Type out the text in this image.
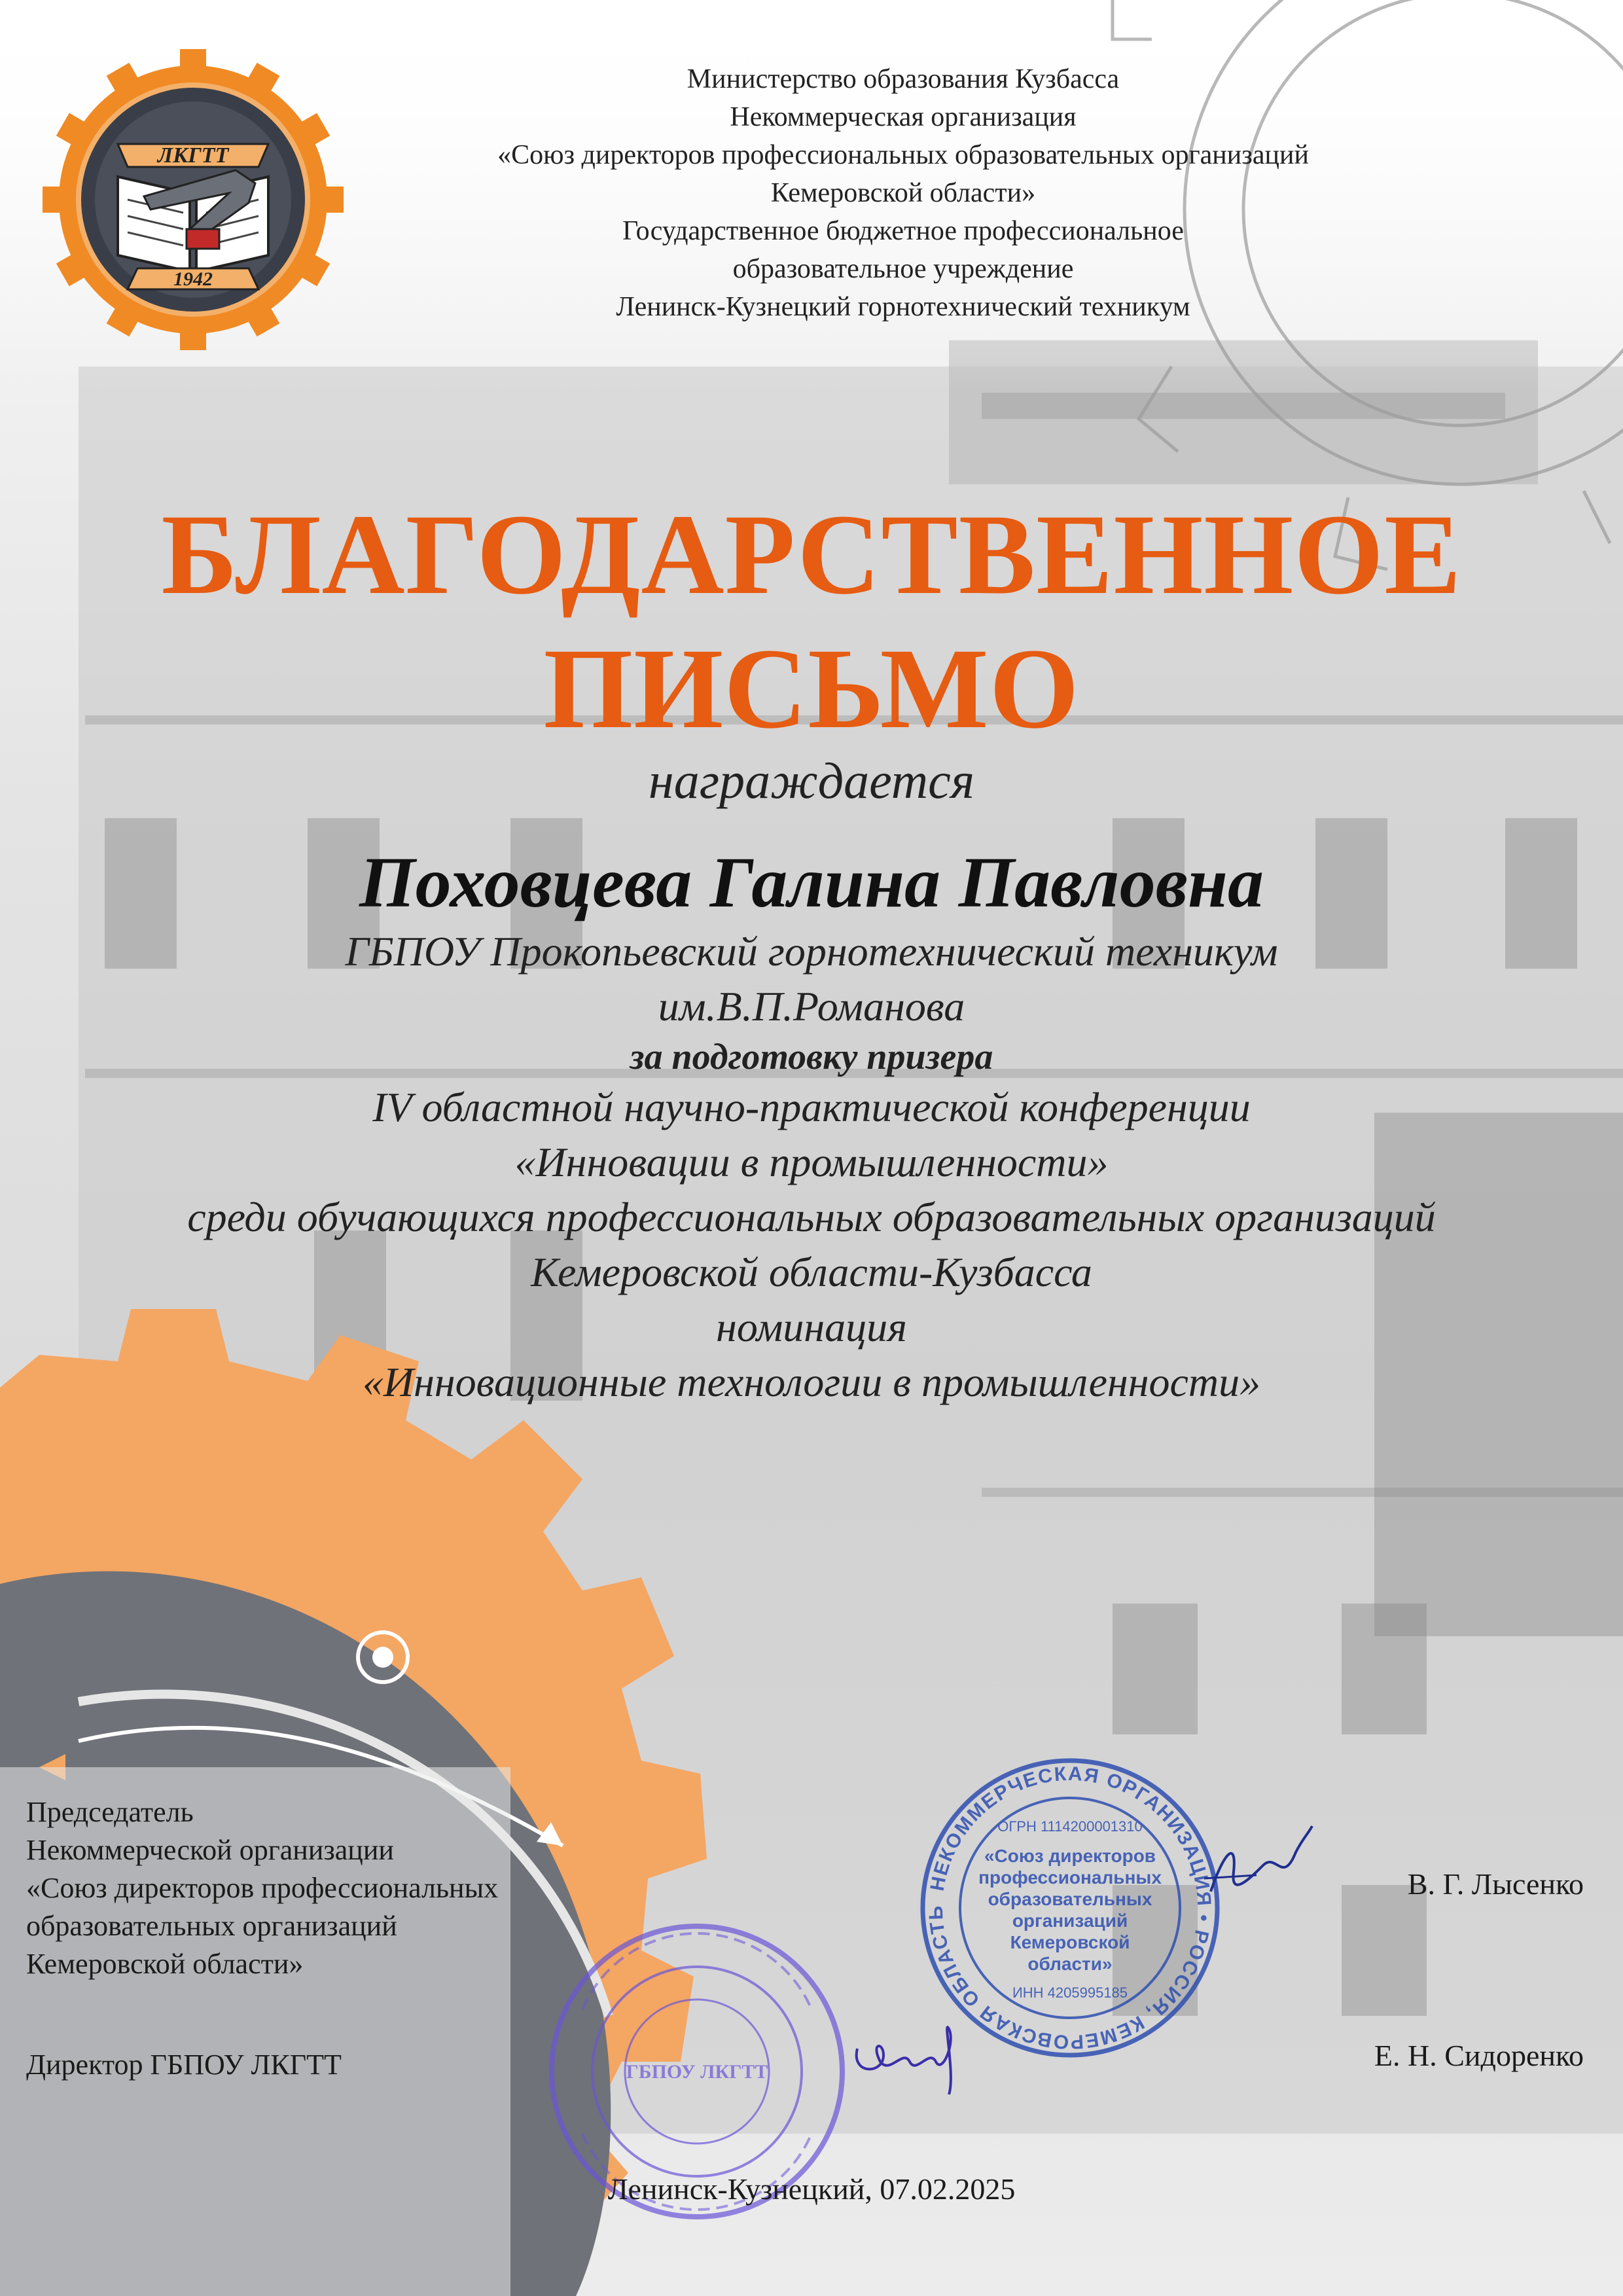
ЛКГТТ
1942
Министерство образования Кузбасса
Некоммерческая организация
«Союз директоров профессиональных образовательных организаций
Кемеровской области»
Государственное бюджетное профессиональное
образовательное учреждение
Ленинск-Кузнецкий горнотехнический техникум
БЛАГОДАРСТВЕННОЕ
ПИСЬМО
награждается
Поховцева Галина Павловна
ГБПОУ Прокопьевский горнотехнический техникум
им.В.П.Романова
за подготовку призера
IV областной научно-практической конференции
«Инновации в промышленности»
среди обучающихся профессиональных образовательных организаций
Кемеровской области-Кузбасса
номинация
«Инновационные технологии в промышленности»
Председатель
Некоммерческой организации
«Союз директоров профессиональных
образовательных организаций
Кемеровской области»
В. Г. Лысенко
Директор ГБПОУ ЛКГТТ	Е. Н. Сидоренко
НЕКОММЕРЧЕСКАЯ ОРГАНИЗАЦИЯ • РОССИЯ, КЕМЕРОВСКАЯ ОБЛАСТЬ
ОГРН 1114200001310
«Союз директоров
профессиональных
образовательных
организаций
Кемеровской
области»
ИНН 4205995185
ГБПОУ ЛКГТТ
Ленинск-Кузнецкий, 07.02.2025
